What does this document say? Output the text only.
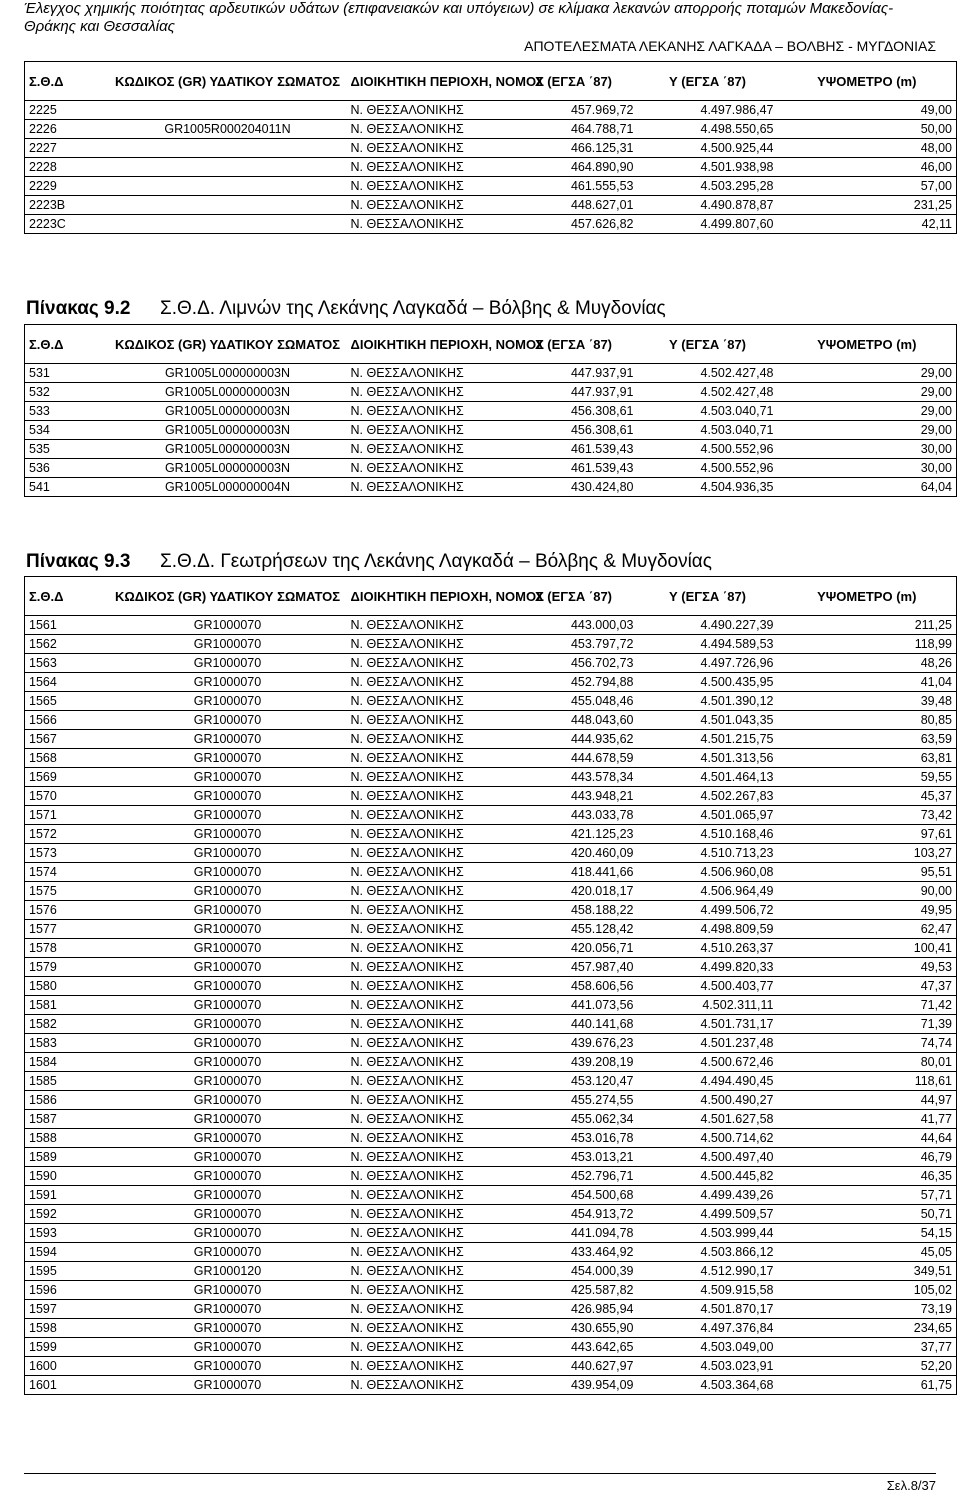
Έλεγχος χημικής ποιότητας αρδευτικών υδάτων (επιφανειακών και υπόγειων) σε κλίμακα λεκανών απορροής ποταμών Μακεδονίας-Θράκης και Θεσσαλίας
ΑΠΟΤΕΛΕΣΜΑΤΑ ΛΕΚΑΝΗΣ ΛΑΓΚΑΔΑ – ΒΟΛΒΗΣ - ΜΥΓΔΟΝΙΑΣ
Σ.Θ.Δ	ΚΩΔΙΚΟΣ (GR) ΥΔΑΤΙΚΟΥ ΣΩΜΑΤΟΣ	ΔΙΟΙΚΗΤΙΚΗ ΠΕΡΙΟΧΗ, ΝΟΜΟΣ	Χ (ΕΓΣΑ ΄87)	Υ (ΕΓΣΑ ΄87)	ΥΨΟΜΕΤΡΟ (m)
2225		Ν. ΘΕΣΣΑΛΟΝΙΚΗΣ	457.969,72	4.497.986,47	49,00
2226	GR1005R000204011N	Ν. ΘΕΣΣΑΛΟΝΙΚΗΣ	464.788,71	4.498.550,65	50,00
2227		Ν. ΘΕΣΣΑΛΟΝΙΚΗΣ	466.125,31	4.500.925,44	48,00
2228		Ν. ΘΕΣΣΑΛΟΝΙΚΗΣ	464.890,90	4.501.938,98	46,00
2229		Ν. ΘΕΣΣΑΛΟΝΙΚΗΣ	461.555,53	4.503.295,28	57,00
2223B		Ν. ΘΕΣΣΑΛΟΝΙΚΗΣ	448.627,01	4.490.878,87	231,25
2223C		Ν. ΘΕΣΣΑΛΟΝΙΚΗΣ	457.626,82	4.499.807,60	42,11
Πίνακας 9.2 Σ.Θ.Δ. Λιμνών της Λεκάνης Λαγκαδά – Βόλβης & Μυγδονίας
Σ.Θ.Δ	ΚΩΔΙΚΟΣ (GR) ΥΔΑΤΙΚΟΥ ΣΩΜΑΤΟΣ	ΔΙΟΙΚΗΤΙΚΗ ΠΕΡΙΟΧΗ, ΝΟΜΟΣ	Χ (ΕΓΣΑ ΄87)	Υ (ΕΓΣΑ ΄87)	ΥΨΟΜΕΤΡΟ (m)
531	GR1005L000000003N	Ν. ΘΕΣΣΑΛΟΝΙΚΗΣ	447.937,91	4.502.427,48	29,00
532	GR1005L000000003N	Ν. ΘΕΣΣΑΛΟΝΙΚΗΣ	447.937,91	4.502.427,48	29,00
533	GR1005L000000003N	Ν. ΘΕΣΣΑΛΟΝΙΚΗΣ	456.308,61	4.503.040,71	29,00
534	GR1005L000000003N	Ν. ΘΕΣΣΑΛΟΝΙΚΗΣ	456.308,61	4.503.040,71	29,00
535	GR1005L000000003N	Ν. ΘΕΣΣΑΛΟΝΙΚΗΣ	461.539,43	4.500.552,96	30,00
536	GR1005L000000003N	Ν. ΘΕΣΣΑΛΟΝΙΚΗΣ	461.539,43	4.500.552,96	30,00
541	GR1005L000000004N	Ν. ΘΕΣΣΑΛΟΝΙΚΗΣ	430.424,80	4.504.936,35	64,04
Πίνακας 9.3 Σ.Θ.Δ. Γεωτρήσεων της Λεκάνης Λαγκαδά – Βόλβης & Μυγδονίας
Σ.Θ.Δ	ΚΩΔΙΚΟΣ (GR) ΥΔΑΤΙΚΟΥ ΣΩΜΑΤΟΣ	ΔΙΟΙΚΗΤΙΚΗ ΠΕΡΙΟΧΗ, ΝΟΜΟΣ	Χ (ΕΓΣΑ ΄87)	Υ (ΕΓΣΑ ΄87)	ΥΨΟΜΕΤΡΟ (m)
1561	GR1000070	Ν. ΘΕΣΣΑΛΟΝΙΚΗΣ	443.000,03	4.490.227,39	211,25
1562	GR1000070	Ν. ΘΕΣΣΑΛΟΝΙΚΗΣ	453.797,72	4.494.589,53	118,99
1563	GR1000070	Ν. ΘΕΣΣΑΛΟΝΙΚΗΣ	456.702,73	4.497.726,96	48,26
1564	GR1000070	Ν. ΘΕΣΣΑΛΟΝΙΚΗΣ	452.794,88	4.500.435,95	41,04
1565	GR1000070	Ν. ΘΕΣΣΑΛΟΝΙΚΗΣ	455.048,46	4.501.390,12	39,48
1566	GR1000070	Ν. ΘΕΣΣΑΛΟΝΙΚΗΣ	448.043,60	4.501.043,35	80,85
1567	GR1000070	Ν. ΘΕΣΣΑΛΟΝΙΚΗΣ	444.935,62	4.501.215,75	63,59
1568	GR1000070	Ν. ΘΕΣΣΑΛΟΝΙΚΗΣ	444.678,59	4.501.313,56	63,81
1569	GR1000070	Ν. ΘΕΣΣΑΛΟΝΙΚΗΣ	443.578,34	4.501.464,13	59,55
1570	GR1000070	Ν. ΘΕΣΣΑΛΟΝΙΚΗΣ	443.948,21	4.502.267,83	45,37
1571	GR1000070	Ν. ΘΕΣΣΑΛΟΝΙΚΗΣ	443.033,78	4.501.065,97	73,42
1572	GR1000070	Ν. ΘΕΣΣΑΛΟΝΙΚΗΣ	421.125,23	4.510.168,46	97,61
1573	GR1000070	Ν. ΘΕΣΣΑΛΟΝΙΚΗΣ	420.460,09	4.510.713,23	103,27
1574	GR1000070	Ν. ΘΕΣΣΑΛΟΝΙΚΗΣ	418.441,66	4.506.960,08	95,51
1575	GR1000070	Ν. ΘΕΣΣΑΛΟΝΙΚΗΣ	420.018,17	4.506.964,49	90,00
1576	GR1000070	Ν. ΘΕΣΣΑΛΟΝΙΚΗΣ	458.188,22	4.499.506,72	49,95
1577	GR1000070	Ν. ΘΕΣΣΑΛΟΝΙΚΗΣ	455.128,42	4.498.809,59	62,47
1578	GR1000070	Ν. ΘΕΣΣΑΛΟΝΙΚΗΣ	420.056,71	4.510.263,37	100,41
1579	GR1000070	Ν. ΘΕΣΣΑΛΟΝΙΚΗΣ	457.987,40	4.499.820,33	49,53
1580	GR1000070	Ν. ΘΕΣΣΑΛΟΝΙΚΗΣ	458.606,56	4.500.403,77	47,37
1581	GR1000070	Ν. ΘΕΣΣΑΛΟΝΙΚΗΣ	441.073,56	4.502.311,11	71,42
1582	GR1000070	Ν. ΘΕΣΣΑΛΟΝΙΚΗΣ	440.141,68	4.501.731,17	71,39
1583	GR1000070	Ν. ΘΕΣΣΑΛΟΝΙΚΗΣ	439.676,23	4.501.237,48	74,74
1584	GR1000070	Ν. ΘΕΣΣΑΛΟΝΙΚΗΣ	439.208,19	4.500.672,46	80,01
1585	GR1000070	Ν. ΘΕΣΣΑΛΟΝΙΚΗΣ	453.120,47	4.494.490,45	118,61
1586	GR1000070	Ν. ΘΕΣΣΑΛΟΝΙΚΗΣ	455.274,55	4.500.490,27	44,97
1587	GR1000070	Ν. ΘΕΣΣΑΛΟΝΙΚΗΣ	455.062,34	4.501.627,58	41,77
1588	GR1000070	Ν. ΘΕΣΣΑΛΟΝΙΚΗΣ	453.016,78	4.500.714,62	44,64
1589	GR1000070	Ν. ΘΕΣΣΑΛΟΝΙΚΗΣ	453.013,21	4.500.497,40	46,79
1590	GR1000070	Ν. ΘΕΣΣΑΛΟΝΙΚΗΣ	452.796,71	4.500.445,82	46,35
1591	GR1000070	Ν. ΘΕΣΣΑΛΟΝΙΚΗΣ	454.500,68	4.499.439,26	57,71
1592	GR1000070	Ν. ΘΕΣΣΑΛΟΝΙΚΗΣ	454.913,72	4.499.509,57	50,71
1593	GR1000070	Ν. ΘΕΣΣΑΛΟΝΙΚΗΣ	441.094,78	4.503.999,44	54,15
1594	GR1000070	Ν. ΘΕΣΣΑΛΟΝΙΚΗΣ	433.464,92	4.503.866,12	45,05
1595	GR1000120	Ν. ΘΕΣΣΑΛΟΝΙΚΗΣ	454.000,39	4.512.990,17	349,51
1596	GR1000070	Ν. ΘΕΣΣΑΛΟΝΙΚΗΣ	425.587,82	4.509.915,58	105,02
1597	GR1000070	Ν. ΘΕΣΣΑΛΟΝΙΚΗΣ	426.985,94	4.501.870,17	73,19
1598	GR1000070	Ν. ΘΕΣΣΑΛΟΝΙΚΗΣ	430.655,90	4.497.376,84	234,65
1599	GR1000070	Ν. ΘΕΣΣΑΛΟΝΙΚΗΣ	443.642,65	4.503.049,00	37,77
1600	GR1000070	Ν. ΘΕΣΣΑΛΟΝΙΚΗΣ	440.627,97	4.503.023,91	52,20
1601	GR1000070	Ν. ΘΕΣΣΑΛΟΝΙΚΗΣ	439.954,09	4.503.364,68	61,75
Σελ.8/37
